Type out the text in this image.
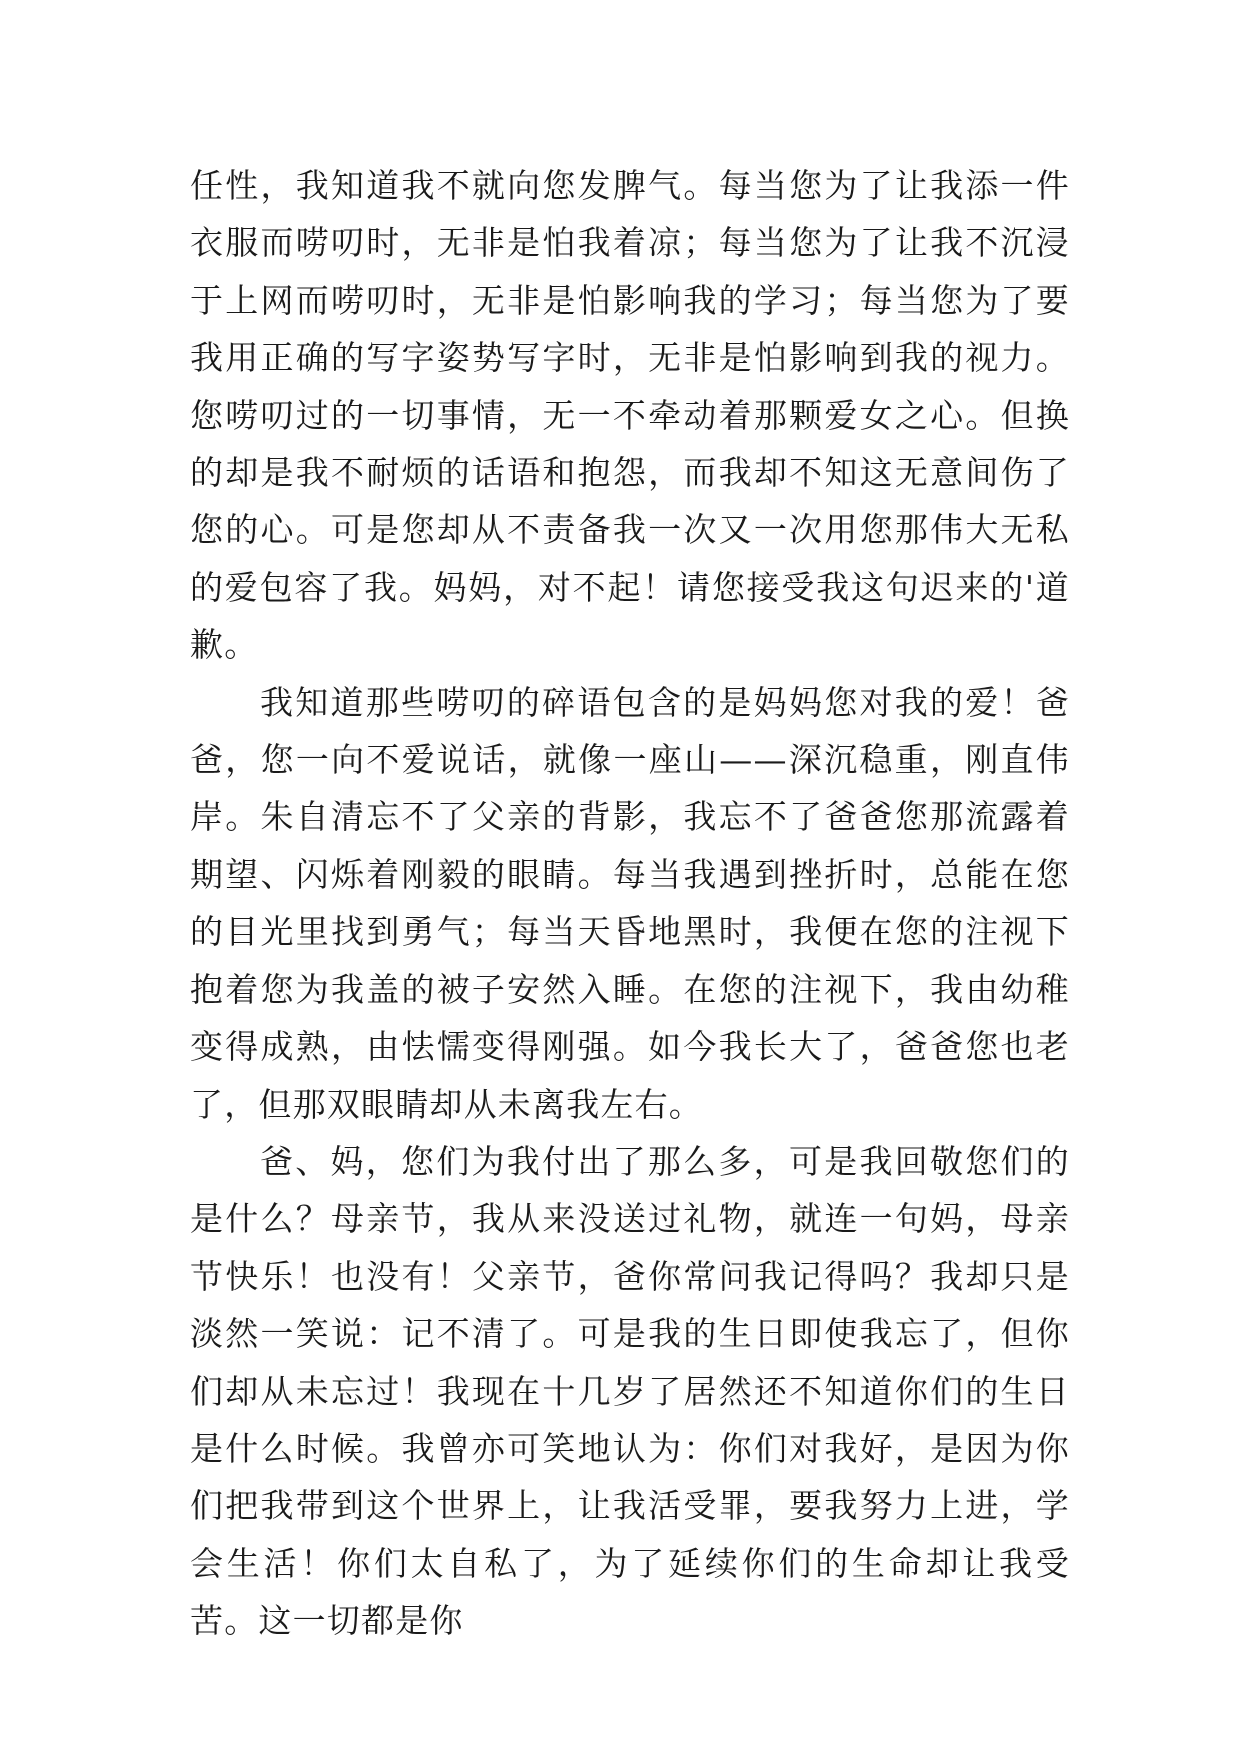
任性，我知道我不就向您发脾气。每当您为了让我添一件衣服而唠叨时，无非是怕我着凉；每当您为了让我不沉浸于上网而唠叨时，无非是怕影响我的学习；每当您为了要我用正确的写字姿势写字时，无非是怕影响到我的视力。您唠叨过的一切事情，无一不牵动着那颗爱女之心。但换的却是我不耐烦的话语和抱怨，而我却不知这无意间伤了您的心。可是您却从不责备我一次又一次用您那伟大无私的爱包容了我。妈妈，对不起！请您接受我这句迟来的'道歉。

我知道那些唠叨的碎语包含的是妈妈您对我的爱！爸爸，您一向不爱说话，就像一座山——深沉稳重，刚直伟岸。朱自清忘不了父亲的背影，我忘不了爸爸您那流露着期望、闪烁着刚毅的眼睛。每当我遇到挫折时，总能在您的目光里找到勇气；每当天昏地黑时，我便在您的注视下抱着您为我盖的被子安然入睡。在您的注视下，我由幼稚变得成熟，由怯懦变得刚强。如今我长大了，爸爸您也老了，但那双眼睛却从未离我左右。

爸、妈，您们为我付出了那么多，可是我回敬您们的是什么？母亲节，我从来没送过礼物，就连一句妈，母亲节快乐！也没有！父亲节，爸你常问我记得吗？我却只是淡然一笑说：记不清了。可是我的生日即使我忘了，但你们却从未忘过！我现在十几岁了居然还不知道你们的生日是什么时候。我曾亦可笑地认为：你们对我好，是因为你们把我带到这个世界上，让我活受罪，要我努力上进，学会生活！你们太自私了，为了延续你们的生命却让我受苦。这一切都是你
